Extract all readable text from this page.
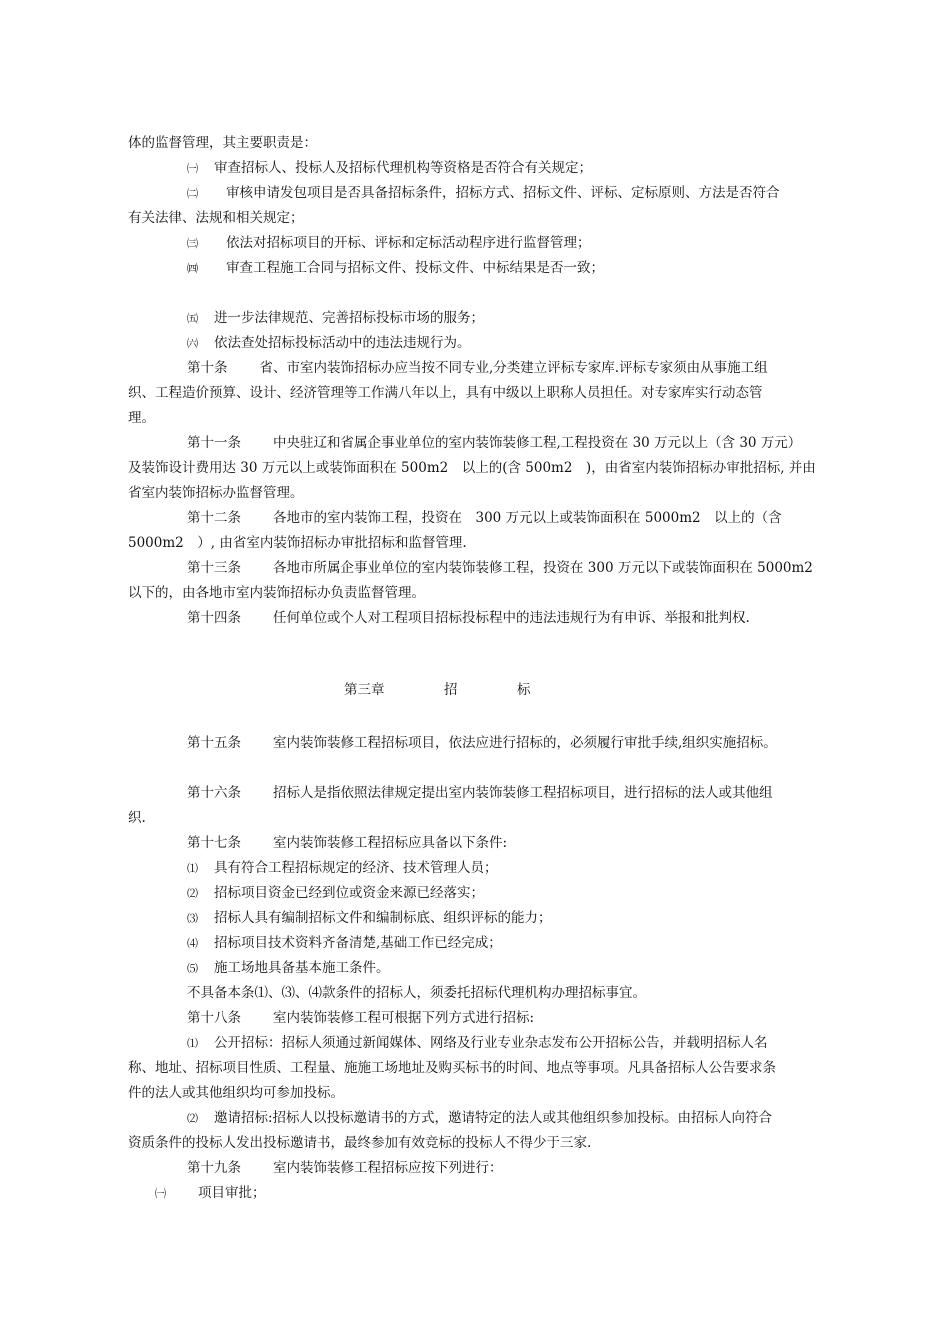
体的监督管理，其主要职责是：
㈠ 审查招标人、投标人及招标代理机构等资格是否符合有关规定；
㈡ 审核申请发包项目是否具备招标条件，招标方式、招标文件、评标、定标原则、方法是否符合
有关法律、法规和相关规定；
㈢ 依法对招标项目的开标、评标和定标活动程序进行监督管理；
㈣ 审查工程施工合同与招标文件、投标文件、中标结果是否一致；
㈤ 进一步法律规范、完善招标投标市场的服务；
㈥ 依法查处招标投标活动中的违法违规行为。
第十条 省、市室内装饰招标办应当按不同专业,分类建立评标专家库.评标专家须由从事施工组
织、工程造价预算、设计、经济管理等工作满八年以上，具有中级以上职称人员担任。对专家库实行动态管
理。
第十一条 中央驻辽和省属企事业单位的室内装饰装修工程,工程投资在 30 万元以上（含 30 万元）
及装饰设计费用达 30 万元以上或装饰面积在 500m2　以上的(含 500m2　)，由省室内装饰招标办审批招标, 并由
省室内装饰招标办监督管理。
第十二条 各地市的室内装饰工程，投资在　300 万元以上或装饰面积在 5000m2　以上的（含
5000m2　）, 由省室内装饰招标办审批招标和监督管理.
第十三条 各地市所属企事业单位的室内装饰装修工程，投资在 300 万元以下或装饰面积在 5000m2
以下的，由各地市室内装饰招标办负责监督管理。
第十四条 任何单位或个人对工程项目招标投标程中的违法违规行为有申诉、举报和批判权.
第十五条 室内装饰装修工程招标项目，依法应进行招标的，必须履行审批手续,组织实施招标。
第十六条 招标人是指依照法律规定提出室内装饰装修工程招标项目，进行招标的法人或其他组
织.
第十七条 室内装饰装修工程招标应具备以下条件:
⑴ 具有符合工程招标规定的经济、技术管理人员；
⑵ 招标项目资金已经到位或资金来源已经落实；
⑶ 招标人具有编制招标文件和编制标底、组织评标的能力；
⑷ 招标项目技术资料齐备清楚,基础工作已经完成；
⑸ 施工场地具备基本施工条件。
不具备本条⑴、⑶、⑷款条件的招标人，须委托招标代理机构办理招标事宜。
第十八条 室内装饰装修工程可根据下列方式进行招标:
⑴ 公开招标：招标人须通过新闻媒体、网络及行业专业杂志发布公开招标公告，并载明招标人名
称、地址、招标项目性质、工程量、施施工场地址及购买标书的时间、地点等事项。凡具备招标人公告要求条
件的法人或其他组织均可参加投标。
⑵ 邀请招标:招标人以投标邀请书的方式，邀请特定的法人或其他组织参加投标。由招标人向符合
资质条件的投标人发出投标邀请书，最终参加有效竞标的投标人不得少于三家.
第十九条 室内装饰装修工程招标应按下列进行：
㈠ 项目审批；
第三章	招	标
